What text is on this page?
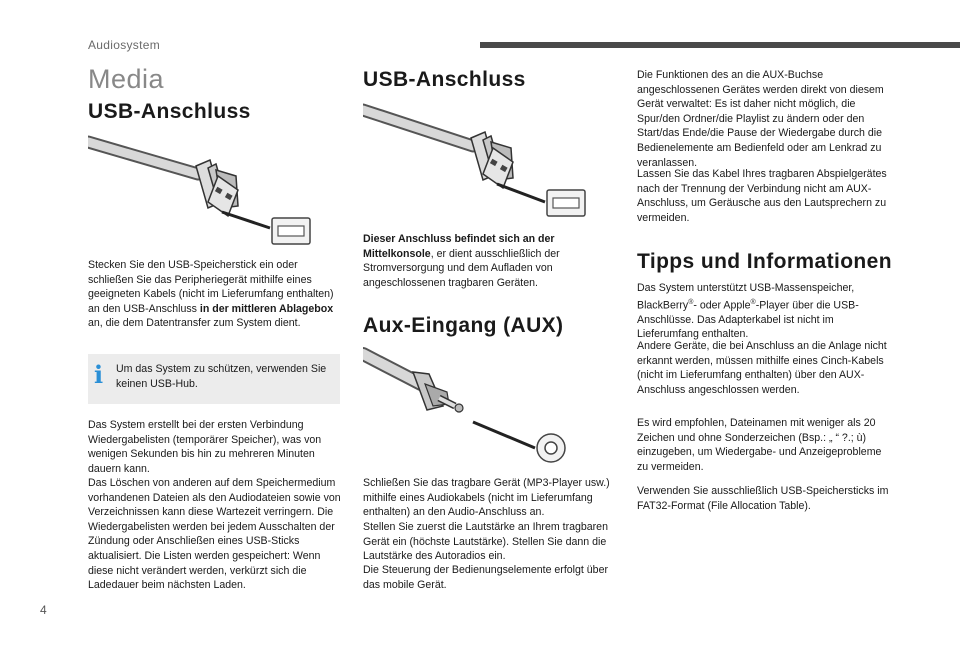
Audiosystem
4
Media
USB-Anschluss

Stecken Sie den USB-Speicherstick ein oder schließen Sie das Peripheriegerät mithilfe eines geeigneten Kabels (nicht im Lieferumfang enthalten) an den USB-Anschluss in der mittleren Ablagebox an, die dem Datentransfer zum System dient.

i	Um das System zu schützen, verwenden Sie keinen USB-Hub.

Das System erstellt bei der ersten Verbindung Wiedergabelisten (temporärer Speicher), was von wenigen Sekunden bis hin zu mehreren Minuten dauern kann.

Das Löschen von anderen auf dem Speichermedium vorhandenen Dateien als den Audiodateien sowie von Verzeichnissen kann diese Wartezeit verringern. Die Wiedergabelisten werden bei jedem Ausschalten der Zündung oder Anschließen eines USB-Sticks aktualisiert. Die Listen werden gespeichert: Wenn diese nicht verändert werden, verkürzt sich die Ladedauer beim nächsten Laden.

USB-Anschluss

Dieser Anschluss befindet sich an der Mittelkonsole, er dient ausschließlich der Stromversorgung und dem Aufladen von angeschlossenen tragbaren Geräten.

Aux-Eingang (AUX)

Schließen Sie das tragbare Gerät (MP3-Player usw.) mithilfe eines Audiokabels (nicht im Lieferumfang enthalten) an den Audio-Anschluss an.

Stellen Sie zuerst die Lautstärke an Ihrem tragbaren Gerät ein (höchste Lautstärke). Stellen Sie dann die Lautstärke des Autoradios ein.

Die Steuerung der Bedienungselemente erfolgt über das mobile Gerät.

Die Funktionen des an die AUX-Buchse angeschlossenen Gerätes werden direkt von diesem Gerät verwaltet: Es ist daher nicht möglich, die Spur/den Ordner/die Playlist zu ändern oder den Start/das Ende/die Pause der Wiedergabe durch die Bedienelemente am Bedienfeld oder am Lenkrad zu veranlassen.

Lassen Sie das Kabel Ihres tragbaren Abspielgerätes nach der Trennung der Verbindung nicht am AUX-Anschluss, um Geräusche aus den Lautsprechern zu vermeiden.

Tipps und Informationen

Das System unterstützt USB-Massenspeicher, BlackBerry®- oder Apple®-Player über die USB-Anschlüsse. Das Adapterkabel ist nicht im Lieferumfang enthalten.

Andere Geräte, die bei Anschluss an die Anlage nicht erkannt werden, müssen mithilfe eines Cinch-Kabels (nicht im Lieferumfang enthalten) über den AUX-Anschluss angeschlossen werden.

Es wird empfohlen, Dateinamen mit weniger als 20 Zeichen und ohne Sonderzeichen (Bsp.: „ “ ?.; ù) einzugeben, um Wiedergabe- und Anzeigeprobleme zu vermeiden.

Verwenden Sie ausschließlich USB-Speichersticks im FAT32-Format (File Allocation Table).
